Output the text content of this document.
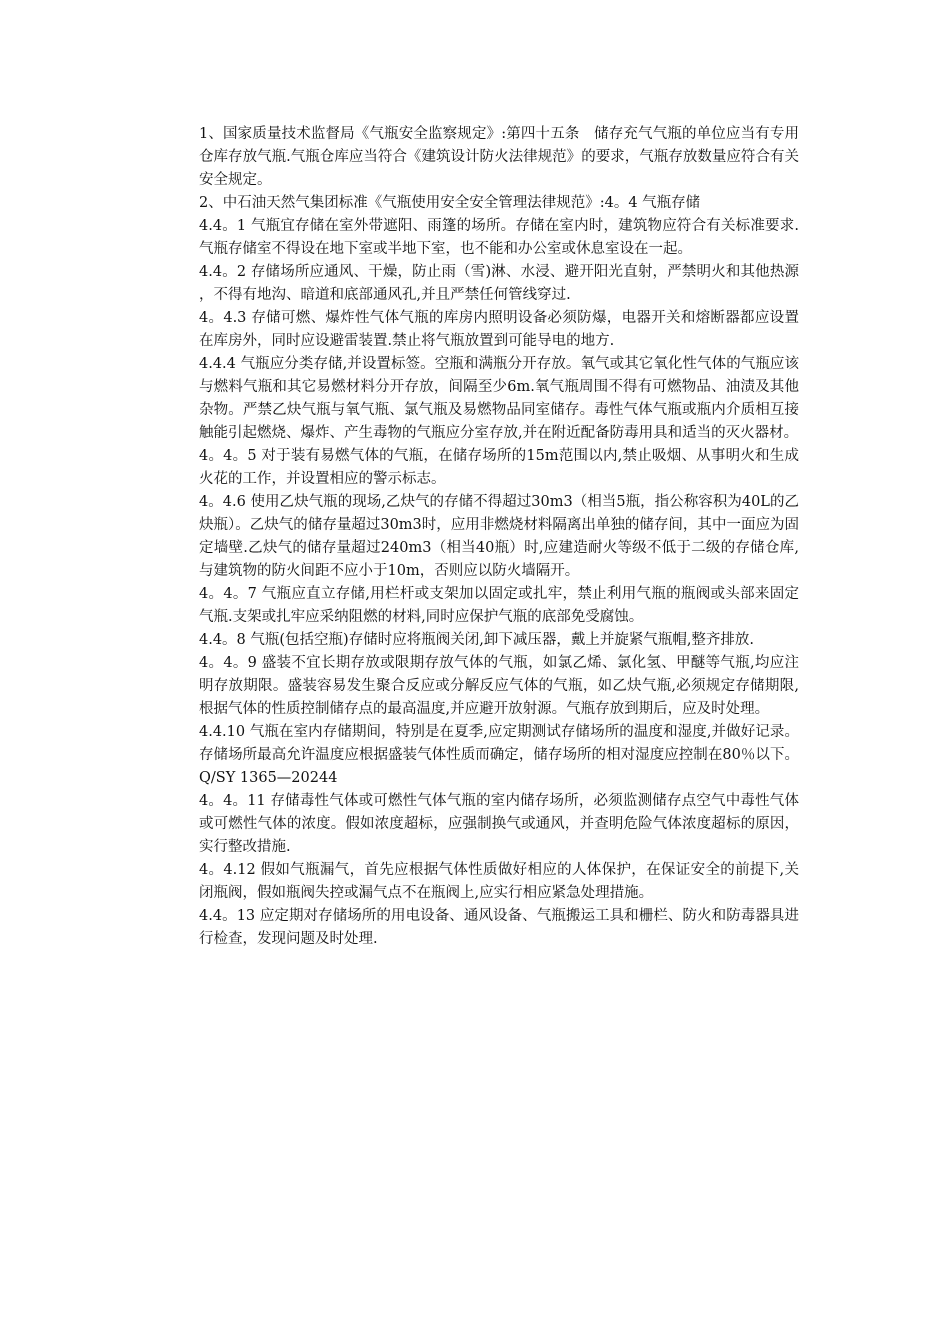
1、国家质量技术监督局《气瓶安全监察规定》:第四十五条　储存充气气瓶的单位应当有专用仓库存放气瓶.气瓶仓库应当符合《建筑设计防火法律规范》的要求，气瓶存放数量应符合有关安全规定。

2、中石油天然气集团标准《气瓶使用安全安全管理法律规范》:4。4 气瓶存储

4.4。1 气瓶宜存储在室外带遮阳、雨篷的场所。存储在室内时，建筑物应符合有关标准要求.气瓶存储室不得设在地下室或半地下室，也不能和办公室或休息室设在一起。

4.4。2 存储场所应通风、干燥，防止雨（雪)淋、水浸、避开阳光直射，严禁明火和其他热源，不得有地沟、暗道和底部通风孔,并且严禁任何管线穿过.

4。4.3 存储可燃、爆炸性气体气瓶的库房内照明设备必须防爆，电器开关和熔断器都应设置在库房外，同时应设避雷装置.禁止将气瓶放置到可能导电的地方.

4.4.4 气瓶应分类存储,并设置标签。空瓶和满瓶分开存放。氧气或其它氧化性气体的气瓶应该与燃料气瓶和其它易燃材料分开存放，间隔至少6m.氧气瓶周围不得有可燃物品、油渍及其他杂物。严禁乙炔气瓶与氧气瓶、氯气瓶及易燃物品同室储存。毒性气体气瓶或瓶内介质相互接触能引起燃烧、爆炸、产生毒物的气瓶应分室存放,并在附近配备防毒用具和适当的灭火器材。

4。4。5 对于装有易燃气体的气瓶，在储存场所的15m范围以内,禁止吸烟、从事明火和生成火花的工作，并设置相应的警示标志。

4。4.6 使用乙炔气瓶的现场,乙炔气的存储不得超过30m3（相当5瓶，指公称容积为40L的乙炔瓶）。乙炔气的储存量超过30m3时，应用非燃烧材料隔离出单独的储存间，其中一面应为固定墙壁.乙炔气的储存量超过240m3（相当40瓶）时,应建造耐火等级不低于二级的存储仓库,与建筑物的防火间距不应小于10m，否则应以防火墙隔开。

4。4。7 气瓶应直立存储,用栏杆或支架加以固定或扎牢，禁止利用气瓶的瓶阀或头部来固定气瓶.支架或扎牢应采纳阻燃的材料,同时应保护气瓶的底部免受腐蚀。

4.4。8 气瓶(包括空瓶)存储时应将瓶阀关闭,卸下减压器，戴上并旋紧气瓶帽,整齐排放.

4。4。9 盛装不宜长期存放或限期存放气体的气瓶，如氯乙烯、氯化氢、甲醚等气瓶,均应注明存放期限。盛装容易发生聚合反应或分解反应气体的气瓶，如乙炔气瓶,必须规定存储期限,根据气体的性质控制储存点的最高温度,并应避开放射源。气瓶存放到期后，应及时处理。

4.4.10 气瓶在室内存储期间，特别是在夏季,应定期测试存储场所的温度和湿度,并做好记录。存储场所最高允许温度应根据盛装气体性质而确定，储存场所的相对湿度应控制在80％以下。Q/SY 1365—20244

4。4。11 存储毒性气体或可燃性气体气瓶的室内储存场所，必须监测储存点空气中毒性气体或可燃性气体的浓度。假如浓度超标，应强制换气或通风，并查明危险气体浓度超标的原因，实行整改措施.

4。4.12 假如气瓶漏气，首先应根据气体性质做好相应的人体保护，在保证安全的前提下,关闭瓶阀，假如瓶阀失控或漏气点不在瓶阀上,应实行相应紧急处理措施。

4.4。13 应定期对存储场所的用电设备、通风设备、气瓶搬运工具和栅栏、防火和防毒器具进行检查，发现问题及时处理.
